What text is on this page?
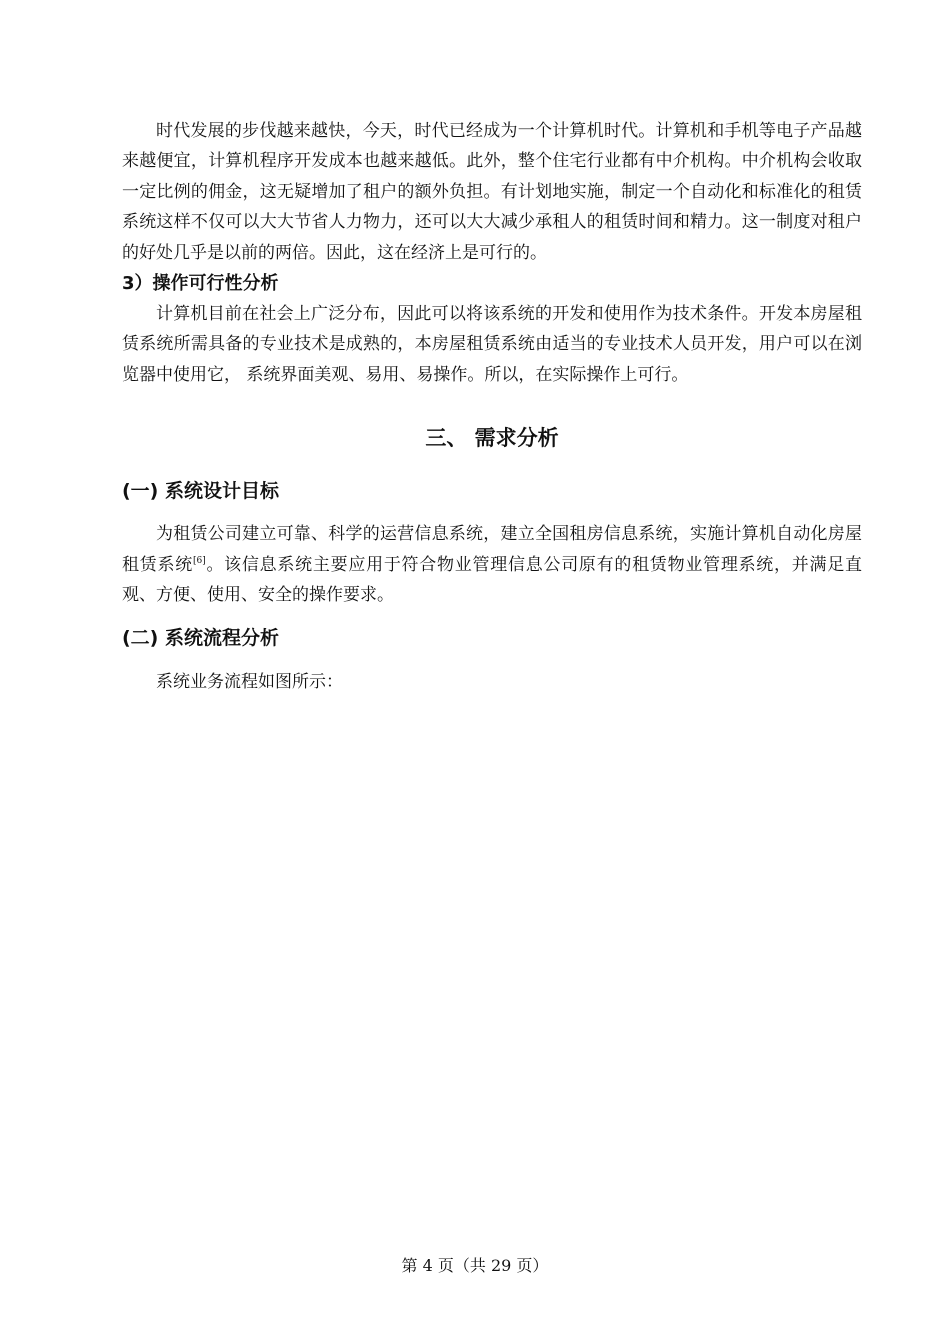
时代发展的步伐越来越快，今天，时代已经成为一个计算机时代。计算机和手机等电子产品越来越便宜，计算机程序开发成本也越来越低。此外，整个住宅行业都有中介机构。中介机构会收取一定比例的佣金，这无疑增加了租户的额外负担。有计划地实施，制定一个自动化和标准化的租赁系统这样不仅可以大大节省人力物力，还可以大大减少承租人的租赁时间和精力。这一制度对租户的好处几乎是以前的两倍。因此，这在经济上是可行的。

3）操作可行性分析

计算机目前在社会上广泛分布，因此可以将该系统的开发和使用作为技术条件。开发本房屋租赁系统所需具备的专业技术是成熟的，本房屋租赁系统由适当的专业技术人员开发，用户可以在浏览器中使用它， 系统界面美观、易用、易操作。所以，在实际操作上可行。

三、 需求分析
(一) 系统设计目标

为租赁公司建立可靠、科学的运营信息系统，建立全国租房信息系统，实施计算机自动化房屋租赁系统[6]。该信息系统主要应用于符合物业管理信息公司原有的租赁物业管理系统，并满足直观、方便、使用、安全的操作要求。

(二) 系统流程分析

系统业务流程如图所示：

第 4 页（共 29 页）
